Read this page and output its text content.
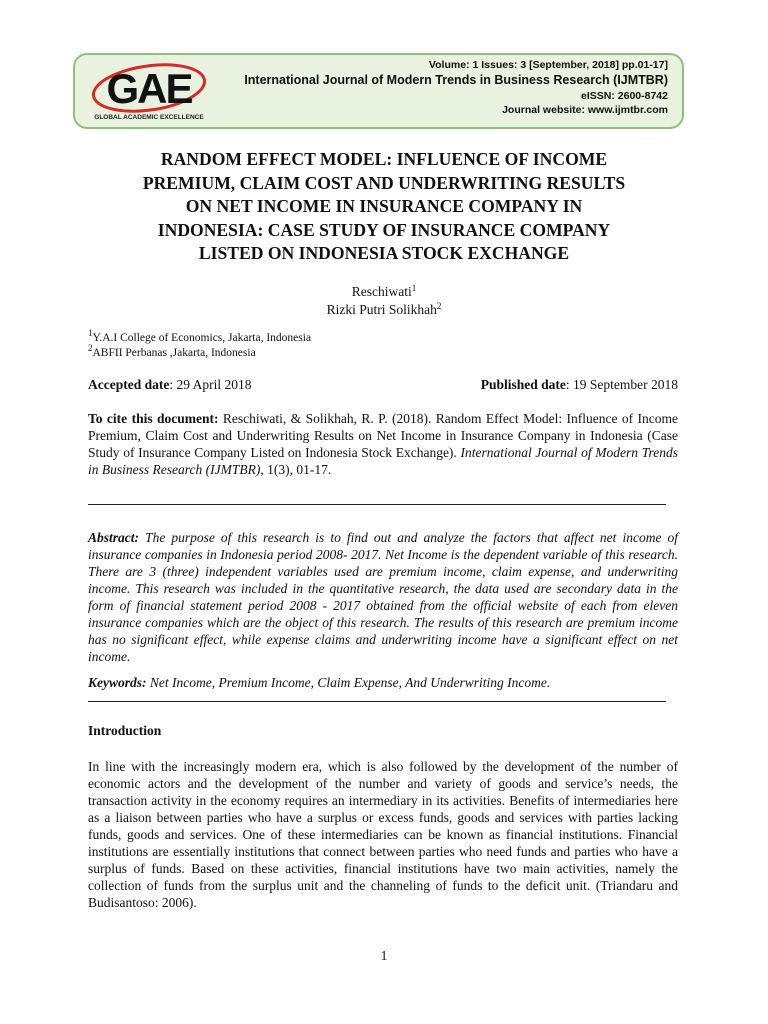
GAE
GLOBAL ACADEMIC EXCELLENCE
Volume: 1 Issues: 3 [September, 2018] pp.01-17]
International Journal of Modern Trends in Business Research (IJMTBR)
eISSN: 2600-8742
Journal website: www.ijmtbr.com
RANDOM EFFECT MODEL: INFLUENCE OF INCOME
PREMIUM, CLAIM COST AND UNDERWRITING RESULTS
ON NET INCOME IN INSURANCE COMPANY IN
INDONESIA: CASE STUDY OF INSURANCE COMPANY
LISTED ON INDONESIA STOCK EXCHANGE
Reschiwati$^1$
Rizki Putri Solikhah$^2$
$^1$Y.A.I College of Economics, Jakarta, Indonesia
$^2$ABFII Perbanas ,Jakarta, Indonesia
Accepted date: 29 April 2018	Published date: 19 September 2018
To cite this document: Reschiwati, & Solikhah, R. P. (2018). Random Effect Model: Influence of Income Premium, Claim Cost and Underwriting Results on Net Income in Insurance Company in Indonesia (Case Study of Insurance Company Listed on Indonesia Stock Exchange). International Journal of Modern Trends in Business Research (IJMTBR), 1(3), 01-17.
Abstract: The purpose of this research is to find out and analyze the factors that affect net income of insurance companies in Indonesia period 2008- 2017. Net Income is the dependent variable of this research. There are 3 (three) independent variables used are premium income, claim expense, and underwriting income. This research was included in the quantitative research, the data used are secondary data in the form of financial statement period 2008 - 2017 obtained from the official website of each from eleven insurance companies which are the object of this research. The results of this research are premium income has no significant effect, while expense claims and underwriting income have a significant effect on net income.
Keywords: Net Income, Premium Income, Claim Expense, And Underwriting Income.
Introduction
In line with the increasingly modern era, which is also followed by the development of the number of economic actors and the development of the number and variety of goods and service’s needs, the transaction activity in the economy requires an intermediary in its activities. Benefits of intermediaries here as a liaison between parties who have a surplus or excess funds, goods and services with parties lacking funds, goods and services. One of these intermediaries can be known as financial institutions. Financial institutions are essentially institutions that connect between parties who need funds and parties who have a surplus of funds. Based on these activities, financial institutions have two main activities, namely the collection of funds from the surplus unit and the channeling of funds to the deficit unit. (Triandaru and Budisantoso: 2006).
1
